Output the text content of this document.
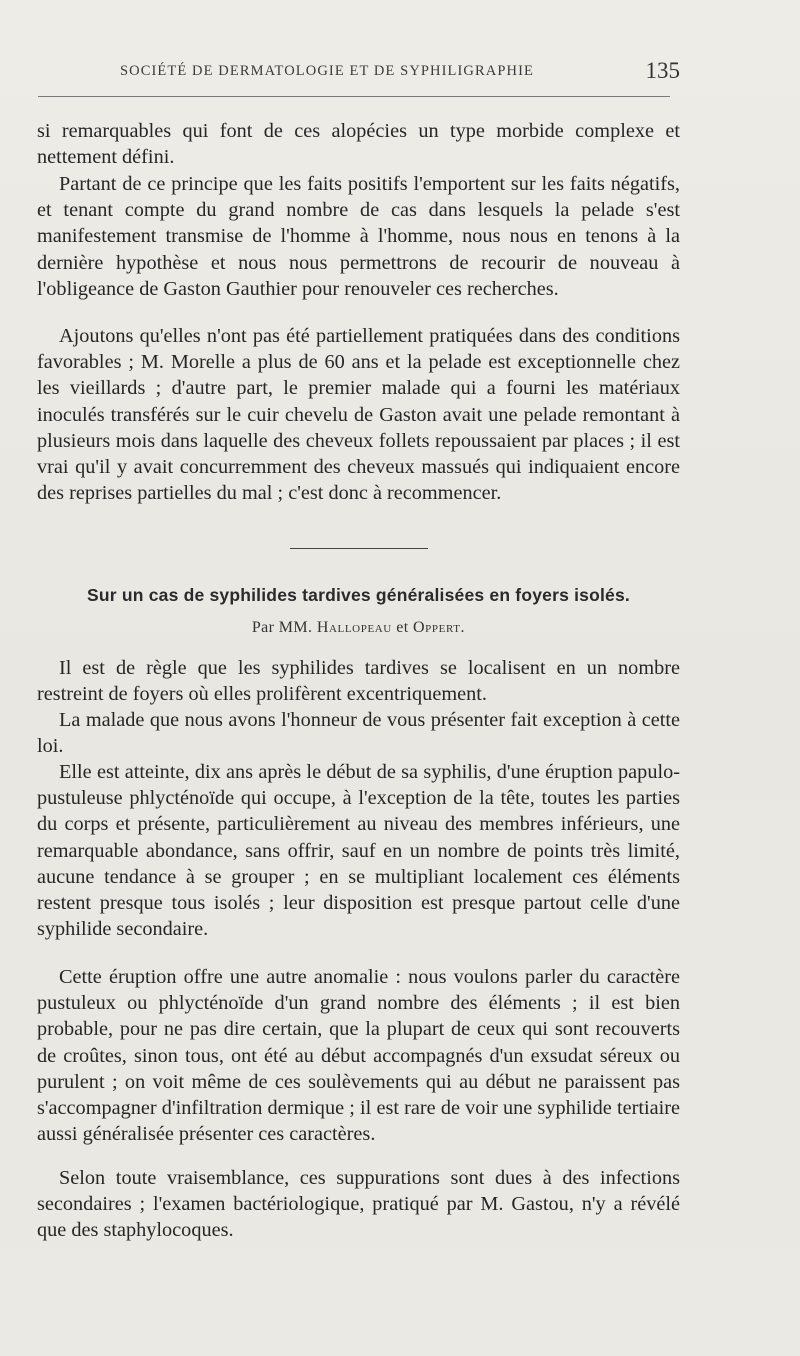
SOCIÉTÉ DE DERMATOLOGIE ET DE SYPHILIGRAPHIE	135

si remarquables qui font de ces alopécies un type morbide complexe et nettement défini.

Partant de ce principe que les faits positifs l'emportent sur les faits négatifs, et tenant compte du grand nombre de cas dans lesquels la pelade s'est manifestement transmise de l'homme à l'homme, nous nous en tenons à la dernière hypothèse et nous nous permettrons de recourir de nouveau à l'obligeance de Gaston Gauthier pour renouveler ces recherches.

Ajoutons qu'elles n'ont pas été partiellement pratiquées dans des conditions favorables ; M. Morelle a plus de 60 ans et la pelade est exceptionnelle chez les vieillards ; d'autre part, le premier malade qui a fourni les matériaux inoculés transférés sur le cuir chevelu de Gaston avait une pelade remontant à plusieurs mois dans laquelle des cheveux follets repoussaient par places ; il est vrai qu'il y avait concurremment des cheveux massués qui indiquaient encore des reprises partielles du mal ; c'est donc à recommencer.

Sur un cas de syphilides tardives généralisées en foyers isolés.
Par MM. Hallopeau et Oppert.

Il est de règle que les syphilides tardives se localisent en un nombre restreint de foyers où elles prolifèrent excentriquement.

La malade que nous avons l'honneur de vous présenter fait exception à cette loi.

Elle est atteinte, dix ans après le début de sa syphilis, d'une éruption papulo-pustuleuse phlycténoïde qui occupe, à l'exception de la tête, toutes les parties du corps et présente, particulièrement au niveau des membres inférieurs, une remarquable abondance, sans offrir, sauf en un nombre de points très limité, aucune tendance à se grouper ; en se multipliant localement ces éléments restent presque tous isolés ; leur disposition est presque partout celle d'une syphilide secondaire.

Cette éruption offre une autre anomalie : nous voulons parler du caractère pustuleux ou phlycténoïde d'un grand nombre des éléments ; il est bien probable, pour ne pas dire certain, que la plupart de ceux qui sont recouverts de croûtes, sinon tous, ont été au début accompagnés d'un exsudat séreux ou purulent ; on voit même de ces soulèvements qui au début ne paraissent pas s'accompagner d'infiltration dermique ; il est rare de voir une syphilide tertiaire aussi généralisée présenter ces caractères.

Selon toute vraisemblance, ces suppurations sont dues à des infections secondaires ; l'examen bactériologique, pratiqué par M. Gastou, n'y a révélé que des staphylocoques.
